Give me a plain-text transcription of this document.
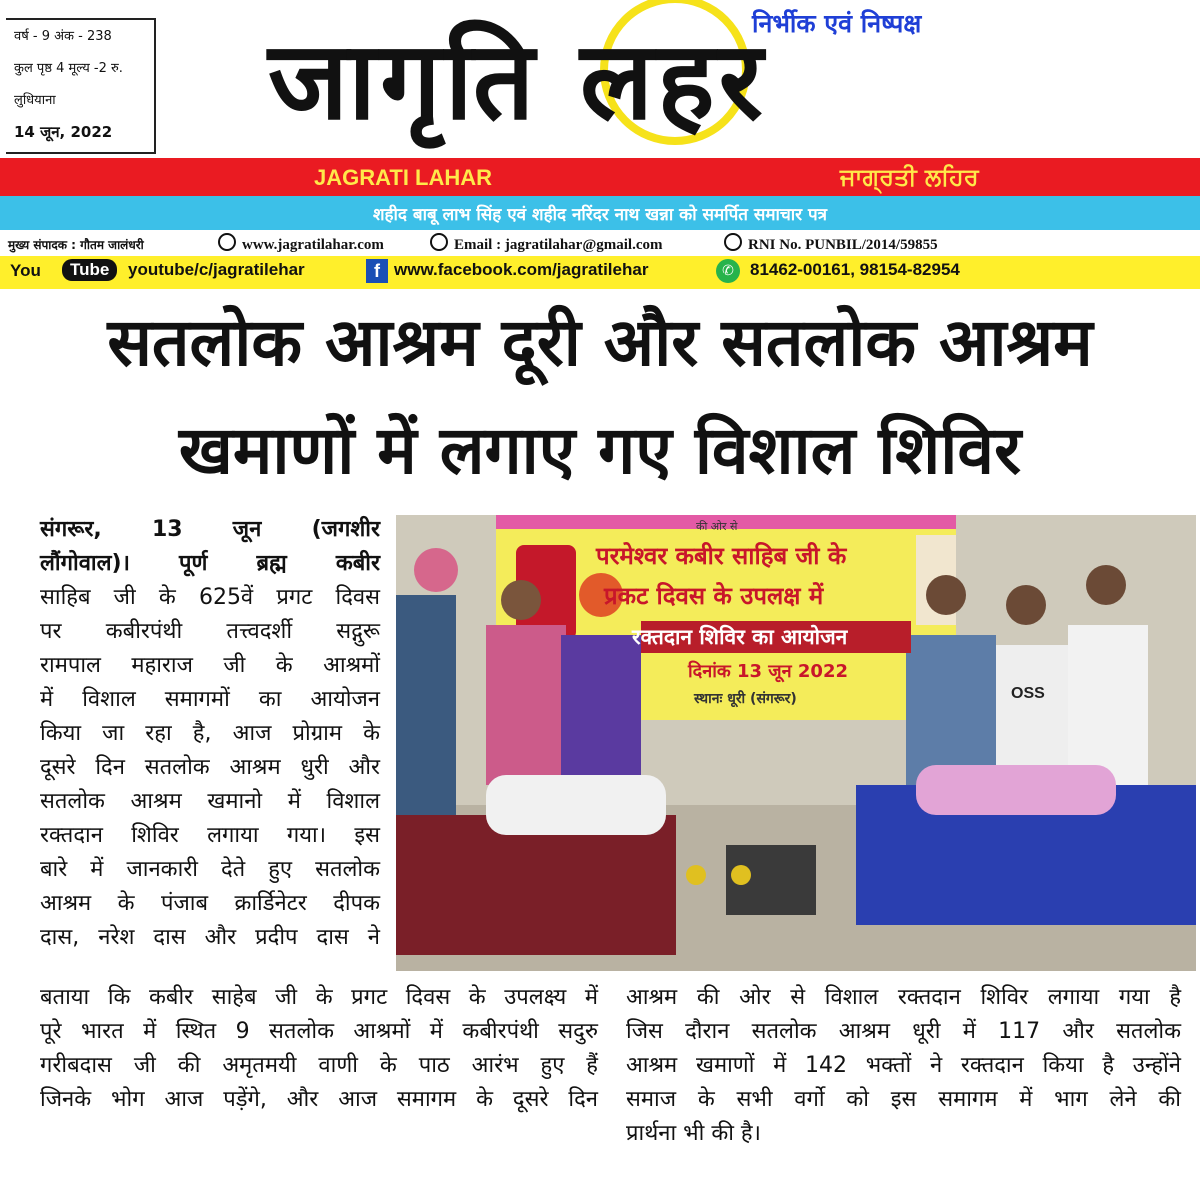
वर्ष - 9 अंक - 238
कुल पृष्ठ 4 मूल्य -2 रु.
लुधियाना
14 जून, 2022
निर्भीक एवं निष्पक्ष
जागृति लहर
JAGRATI LAHAR	ਜਾਗ੍ਰਤੀ ਲਹਿਰ
शहीद बाबू लाभ सिंह एवं शहीद नरिंदर नाथ खन्ना को समर्पित समाचार पत्र
मुख्य संपादक : गौतम जालंधरी	www.jagratilahar.com	Email : jagratilahar@gmail.com	RNI No. PUNBIL/2014/59855
You	Tube	youtube/c/jagratilehar	f www.facebook.com/jagratilehar	✆ 81462-00161, 98154-82954
सतलोक आश्रम दूरी और सतलोक आश्रम
खमाणों में लगाए गए विशाल शिविर
संगरूर, 13 जून (जगशीर
लौंगोवाल)। पूर्ण ब्रह्म कबीर
साहिब जी के 625वें प्रगट दिवस
पर कबीरपंथी तत्त्वदर्शी सद्गुरू
रामपाल महाराज जी के आश्रमों
में विशाल समागमों का आयोजन
किया जा रहा है, आज प्रोग्राम के
दूसरे दिन सतलोक आश्रम धुरी और
सतलोक आश्रम खमानो में विशाल
रक्तदान शिविर लगाया गया। इस
बारे में जानकारी देते हुए सतलोक
आश्रम के पंजाब क्रार्डिनेटर दीपक
दास, नरेश दास और प्रदीप दास ने
की ओर से
परमेश्वर कबीर साहिब जी के
प्रकट दिवस के उपलक्ष में
रक्तदान शिविर का आयोजन
दिनांक 13 जून 2022
स्थानः धूरी (संगरूर)	OSS
बताया कि कबीर साहेब जी के प्रगट दिवस के उपलक्ष्य में
पूरे भारत में स्थित 9 सतलोक आश्रमों में कबीरपंथी सदुरु
गरीबदास जी की अमृतमयी वाणी के पाठ आरंभ हुए हैं
जिनके भोग आज पड़ेंगे, और आज समागम के दूसरे दिन
आश्रम की ओर से विशाल रक्तदान शिविर लगाया गया है
जिस दौरान सतलोक आश्रम धूरी में 117 और सतलोक
आश्रम खमाणों में 142 भक्तों ने रक्तदान किया है उन्होंने
समाज के सभी वर्गो को इस समागम में भाग लेने की
प्रार्थना भी की है।
